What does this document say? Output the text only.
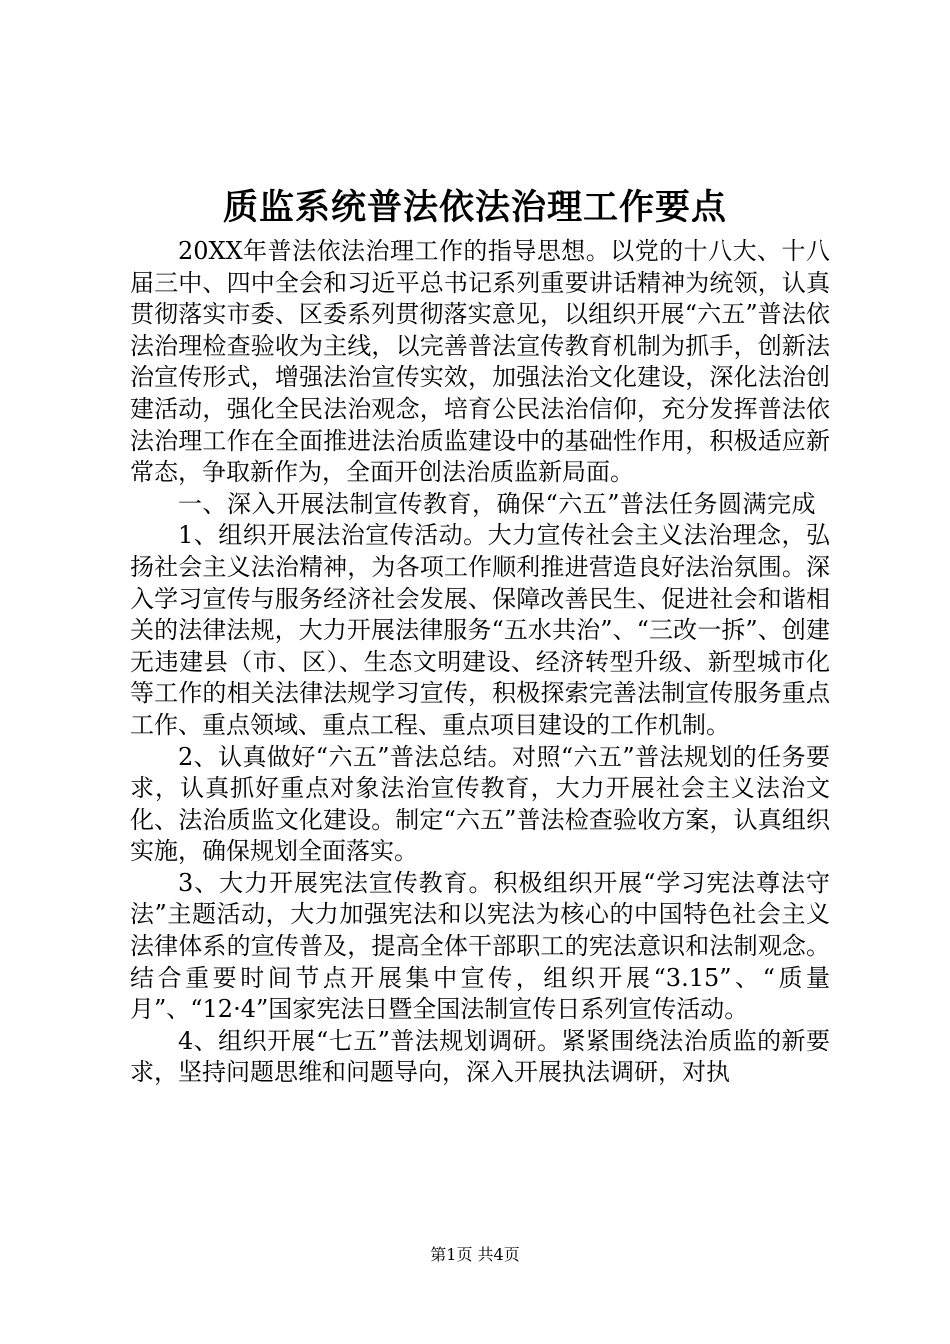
质监系统普法依法治理工作要点

20XX年普法依法治理工作的指导思想。以党的十八大、十八届三中、四中全会和习近平总书记系列重要讲话精神为统领，认真贯彻落实市委、区委系列贯彻落实意见，以组织开展“六五”普法依法治理检查验收为主线，以完善普法宣传教育机制为抓手，创新法治宣传形式，增强法治宣传实效，加强法治文化建设，深化法治创建活动，强化全民法治观念，培育公民法治信仰，充分发挥普法依法治理工作在全面推进法治质监建设中的基础性作用，积极适应新常态，争取新作为，全面开创法治质监新局面。

一、深入开展法制宣传教育，确保“六五”普法任务圆满完成

1、组织开展法治宣传活动。大力宣传社会主义法治理念，弘扬社会主义法治精神，为各项工作顺利推进营造良好法治氛围。深入学习宣传与服务经济社会发展、保障改善民生、促进社会和谐相关的法律法规，大力开展法律服务“五水共治”、“三改一拆”、创建无违建县（市、区）、生态文明建设、经济转型升级、新型城市化等工作的相关法律法规学习宣传，积极探索完善法制宣传服务重点工作、重点领域、重点工程、重点项目建设的工作机制。

2、认真做好“六五”普法总结。对照“六五”普法规划的任务要求，认真抓好重点对象法治宣传教育，大力开展社会主义法治文化、法治质监文化建设。制定“六五”普法检查验收方案，认真组织实施，确保规划全面落实。

3、大力开展宪法宣传教育。积极组织开展“学习宪法尊法守法”主题活动，大力加强宪法和以宪法为核心的中国特色社会主义法律体系的宣传普及，提高全体干部职工的宪法意识和法制观念。结合重要时间节点开展集中宣传，组织开展“3.15”、“质量月”、“12·4”国家宪法日暨全国法制宣传日系列宣传活动。

4、组织开展“七五”普法规划调研。紧紧围绕法治质监的新要求，坚持问题思维和问题导向，深入开展执法调研，对执

第1页 共4页
